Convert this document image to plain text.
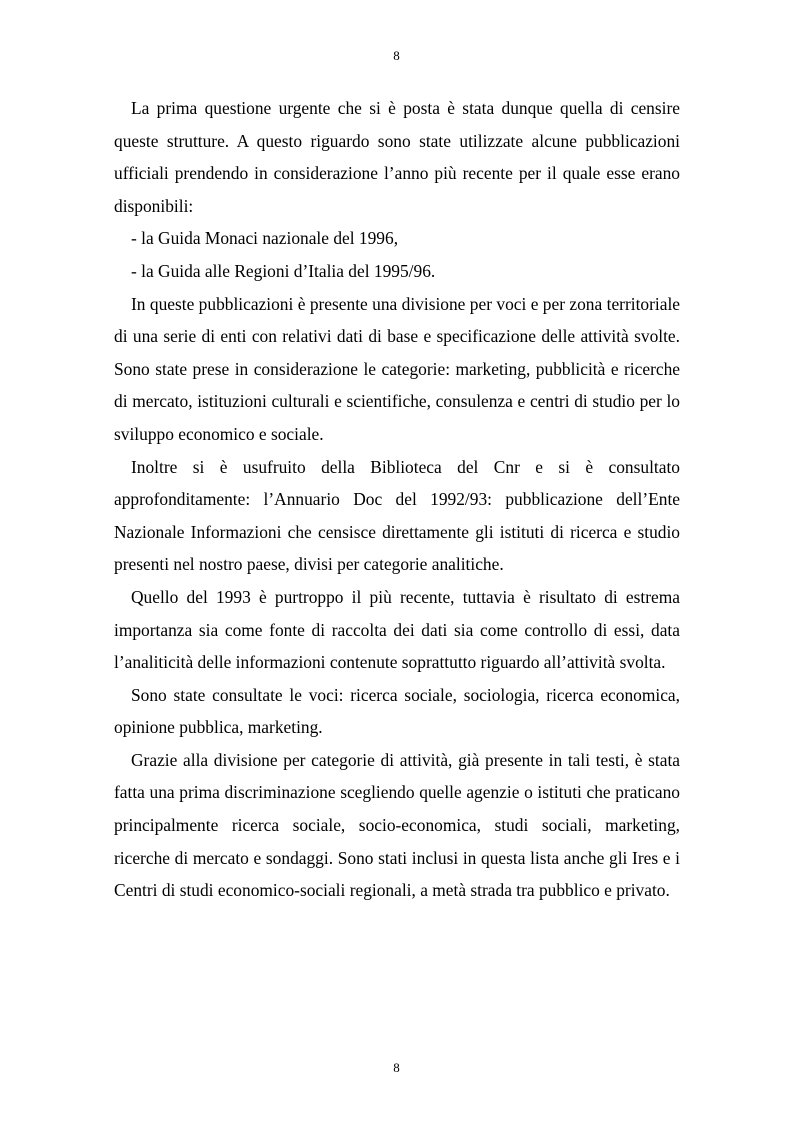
8

La prima questione urgente che si è posta è stata dunque quella di censire queste strutture. A questo riguardo sono state utilizzate alcune pubblicazioni ufficiali prendendo in considerazione l’anno più recente per il quale esse erano disponibili:

- la Guida Monaci nazionale del 1996,

- la Guida alle Regioni d’Italia del 1995/96.

In queste pubblicazioni è presente una divisione per voci e per zona territoriale di una serie di enti con relativi dati di base e specificazione delle attività svolte. Sono state prese in considerazione le categorie: marketing, pubblicità e ricerche di mercato, istituzioni culturali e scientifiche, consulenza e centri di studio per lo sviluppo economico e sociale.

Inoltre si è usufruito della Biblioteca del Cnr e si è consultato approfonditamente: l’Annuario Doc del 1992/93: pubblicazione dell’Ente Nazionale Informazioni che censisce direttamente gli istituti di ricerca e studio presenti nel nostro paese, divisi per categorie analitiche.

Quello del 1993 è purtroppo il più recente, tuttavia è risultato di estrema importanza sia come fonte di raccolta dei dati sia come controllo di essi, data l’analiticità delle informazioni contenute soprattutto riguardo all’attività svolta.

Sono state consultate le voci: ricerca sociale, sociologia, ricerca economica, opinione pubblica, marketing.

Grazie alla divisione per categorie di attività, già presente in tali testi, è stata fatta una prima discriminazione scegliendo quelle agenzie o istituti che praticano principalmente ricerca sociale, socio-economica, studi sociali, marketing, ricerche di mercato e sondaggi. Sono stati inclusi in questa lista anche gli Ires e i Centri di studi economico-sociali regionali, a metà strada tra pubblico e privato.

8
